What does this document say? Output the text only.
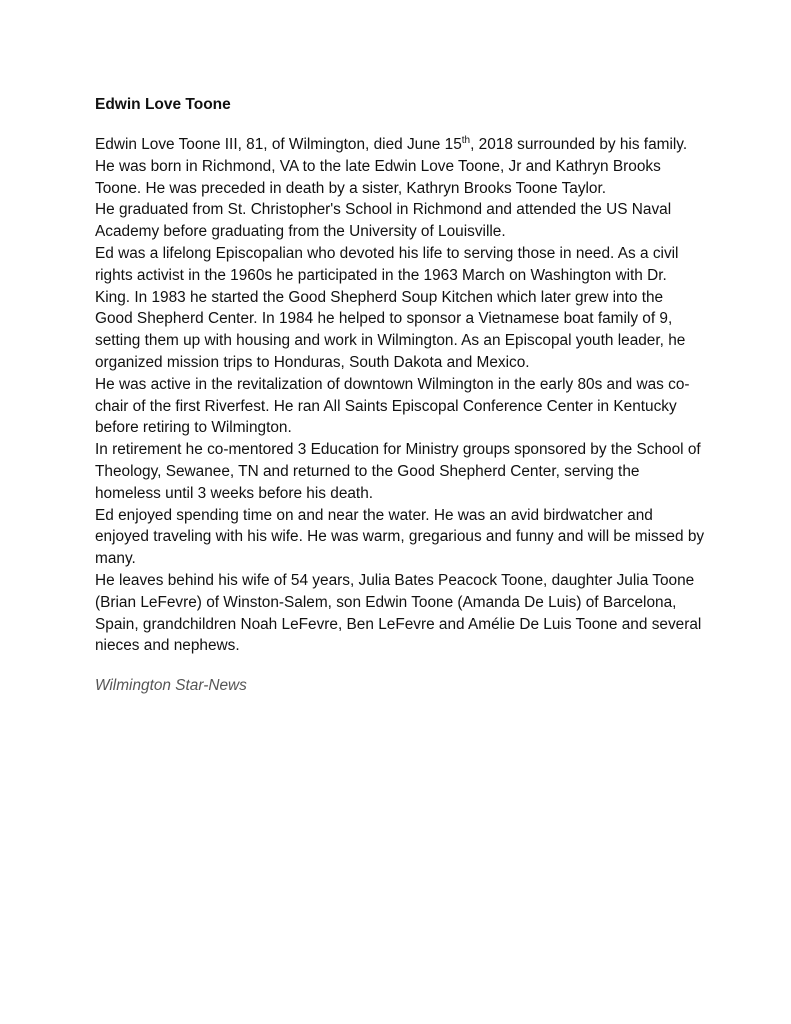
Edwin Love Toone

Edwin Love Toone III, 81, of Wilmington, died June 15th, 2018 surrounded by his family.

He was born in Richmond, VA to the late Edwin Love Toone, Jr and Kathryn Brooks Toone. He was preceded in death by a sister, Kathryn Brooks Toone Taylor.

He graduated from St. Christopher's School in Richmond and attended the US Naval Academy before graduating from the University of Louisville.

Ed was a lifelong Episcopalian who devoted his life to serving those in need. As a civil rights activist in the 1960s he participated in the 1963 March on Washington with Dr. King. In 1983 he started the Good Shepherd Soup Kitchen which later grew into the Good Shepherd Center. In 1984 he helped to sponsor a Vietnamese boat family of 9, setting them up with housing and work in Wilmington. As an Episcopal youth leader, he organized mission trips to Honduras, South Dakota and Mexico.

He was active in the revitalization of downtown Wilmington in the early 80s and was co-chair of the first Riverfest. He ran All Saints Episcopal Conference Center in Kentucky before retiring to Wilmington.

In retirement he co-mentored 3 Education for Ministry groups sponsored by the School of Theology, Sewanee, TN and returned to the Good Shepherd Center, serving the homeless until 3 weeks before his death.

Ed enjoyed spending time on and near the water. He was an avid birdwatcher and enjoyed traveling with his wife. He was warm, gregarious and funny and will be missed by many.

He leaves behind his wife of 54 years, Julia Bates Peacock Toone, daughter Julia Toone (Brian LeFevre) of Winston-Salem, son Edwin Toone (Amanda De Luis) of Barcelona, Spain, grandchildren Noah LeFevre, Ben LeFevre and Amélie De Luis Toone and several nieces and nephews.

Wilmington Star-News
